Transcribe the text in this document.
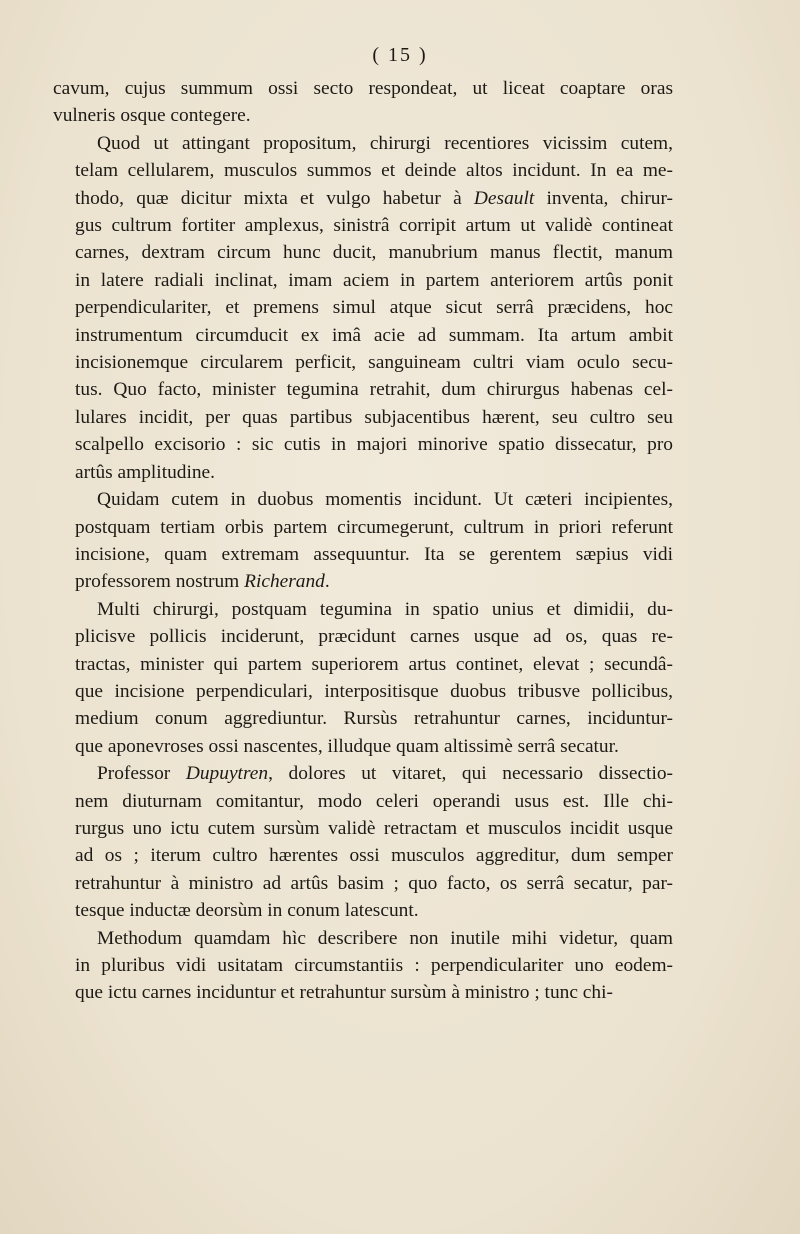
( 15 )
cavum, cujus summum ossi secto respondeat, ut liceat coaptare oras
vulneris osque contegere.
Quod ut attingant propositum, chirurgi recentiores vicissim cutem,
telam cellularem, musculos summos et deinde altos incidunt. In ea me-
thodo, quæ dicitur mixta et vulgo habetur à Desault inventa, chirur-
gus cultrum fortiter amplexus, sinistrâ corripit artum ut validè contineat
carnes, dextram circum hunc ducit, manubrium manus flectit, manum
in latere radiali inclinat, imam aciem in partem anteriorem artûs ponit
perpendiculariter, et premens simul atque sicut serrâ præcidens, hoc
instrumentum circumducit ex imâ acie ad summam. Ita artum ambit
incisionemque circularem perficit, sanguineam cultri viam oculo secu-
tus. Quo facto, minister tegumina retrahit, dum chirurgus habenas cel-
lulares incidit, per quas partibus subjacentibus hærent, seu cultro seu
scalpello excisorio : sic cutis in majori minorive spatio dissecatur, pro
artûs amplitudine.
Quidam cutem in duobus momentis incidunt. Ut cæteri incipientes,
postquam tertiam orbis partem circumegerunt, cultrum in priori referunt
incisione, quam extremam assequuntur. Ita se gerentem sæpius vidi
professorem nostrum Richerand.
Multi chirurgi, postquam tegumina in spatio unius et dimidii, du-
plicisve pollicis inciderunt, præcidunt carnes usque ad os, quas re-
tractas, minister qui partem superiorem artus continet, elevat ; secundâ-
que incisione perpendiculari, interpositisque duobus tribusve pollicibus,
medium conum aggrediuntur. Rursùs retrahuntur carnes, inciduntur-
que aponevroses ossi nascentes, illudque quam altissimè serrâ secatur.
Professor Dupuytren, dolores ut vitaret, qui necessario dissectio-
nem diuturnam comitantur, modo celeri operandi usus est. Ille chi-
rurgus uno ictu cutem sursùm validè retractam et musculos incidit usque
ad os ; iterum cultro hærentes ossi musculos aggreditur, dum semper
retrahuntur à ministro ad artûs basim ; quo facto, os serrâ secatur, par-
tesque inductæ deorsùm in conum latescunt.
Methodum quamdam hìc describere non inutile mihi videtur, quam
in pluribus vidi usitatam circumstantiis : perpendiculariter uno eodem-
que ictu carnes inciduntur et retrahuntur sursùm à ministro ; tunc chi-
